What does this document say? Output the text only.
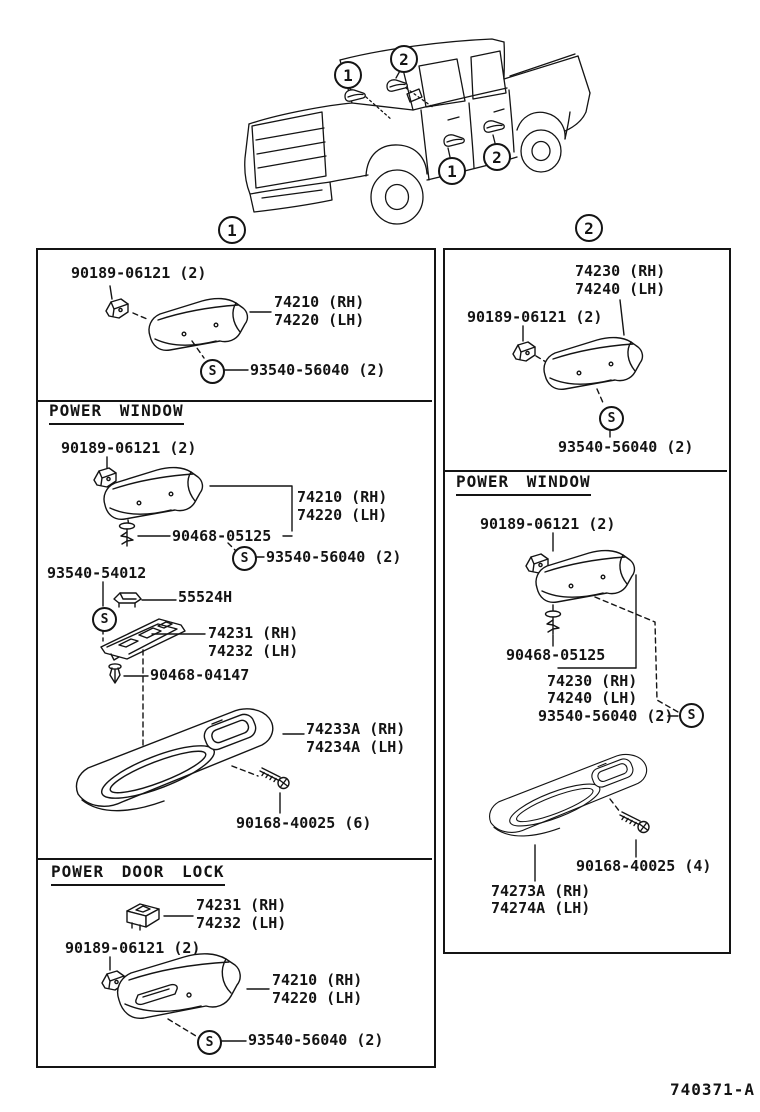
1
2
1
2
1	2
90189-06121 (2)
74210 (RH)
74220 (LH)
S 93540-56040 (2)
POWER WINDOW
90189-06121 (2)
74210 (RH)
74220 (LH)
90468-05125
S 93540-56040 (2)
93540-54012
S
55524H
74231 (RH)
74232 (LH)
90468-04147
74233A (RH)
74234A (LH)
90168-40025 (6)
POWER DOOR LOCK
74231 (RH)
74232 (LH)
90189-06121 (2)
74210 (RH)
74220 (LH)
S 93540-56040 (2)
74230 (RH)
74240 (LH)
90189-06121 (2)
S
93540-56040 (2)
POWER WINDOW
90189-06121 (2)
90468-05125
74230 (RH)
74240 (LH)
93540-56040 (2) S
90168-40025 (4)
74273A (RH)
74274A (LH)
740371-A
